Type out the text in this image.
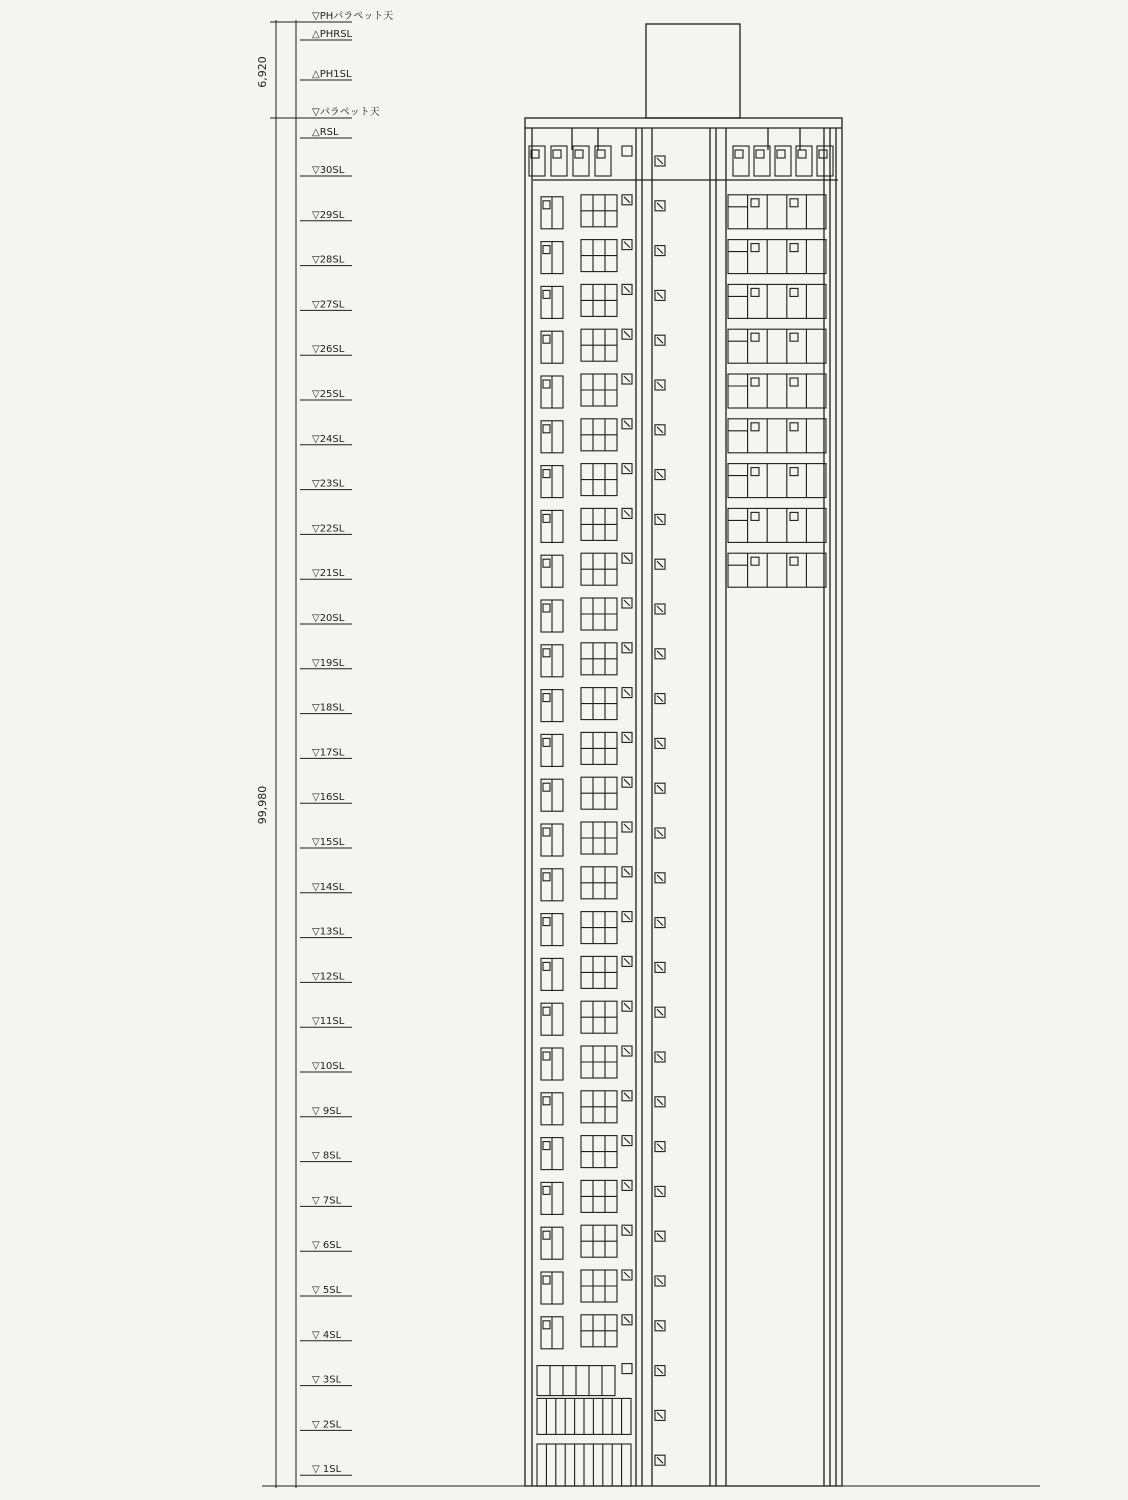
6,920
99,980
▽PHパラペット天
△PHRSL
△PH1SL
▽パラペット天
△RSL
▽30SL
▽29SL
▽28SL
▽27SL
▽26SL
▽25SL
▽24SL
▽23SL
▽22SL
▽21SL
▽20SL
▽19SL
▽18SL
▽17SL
▽16SL
▽15SL
▽14SL
▽13SL
▽12SL
▽11SL
▽10SL
▽ 9SL
▽ 8SL
▽ 7SL
▽ 6SL
▽ 5SL
▽ 4SL
▽ 3SL
▽ 2SL
▽ 1SL
